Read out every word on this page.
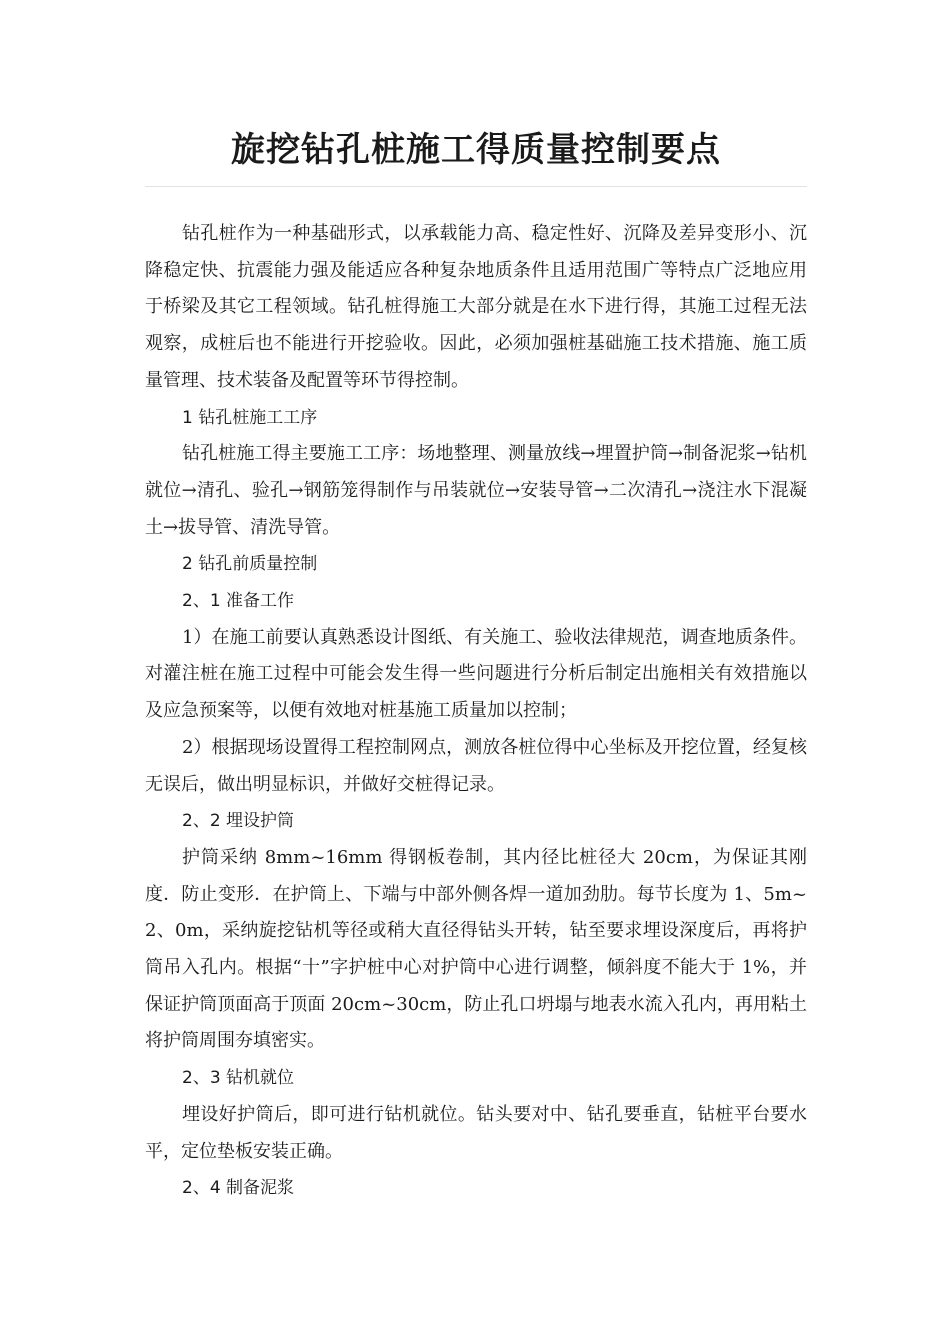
旋挖钻孔桩施工得质量控制要点

钻孔桩作为一种基础形式，以承载能力高、稳定性好、沉降及差异变形小、沉降稳定快、抗震能力强及能适应各种复杂地质条件且适用范围广等特点广泛地应用于桥梁及其它工程领域。钻孔桩得施工大部分就是在水下进行得，其施工过程无法观察，成桩后也不能进行开挖验收。因此，必须加强桩基础施工技术措施、施工质量管理、技术装备及配置等环节得控制。

1 钻孔桩施工工序

钻孔桩施工得主要施工工序：场地整理、测量放线→埋置护筒→制备泥浆→钻机就位→清孔、验孔→钢筋笼得制作与吊装就位→安装导管→二次清孔→浇注水下混凝土→拔导管、清洗导管。

2 钻孔前质量控制

2、1 准备工作

1）在施工前要认真熟悉设计图纸、有关施工、验收法律规范，调查地质条件。对灌注桩在施工过程中可能会发生得一些问题进行分析后制定出施相关有效措施以及应急预案等，以便有效地对桩基施工质量加以控制；

2）根据现场设置得工程控制网点，测放各桩位得中心坐标及开挖位置，经复核无误后，做出明显标识，并做好交桩得记录。

2、2 埋设护筒

护筒采纳 8mm~16mm 得钢板卷制，其内径比桩径大 20cm，为保证其刚度．防止变形．在护筒上、下端与中部外侧各焊一道加劲肋。每节长度为 1、5m~2、0m，采纳旋挖钻机等径或稍大直径得钻头开转，钻至要求埋设深度后，再将护筒吊入孔内。根据“十”字护桩中心对护筒中心进行调整，倾斜度不能大于 1%，并保证护筒顶面高于顶面 20cm~30cm，防止孔口坍塌与地表水流入孔内，再用粘土将护筒周围夯填密实。

2、3 钻机就位

埋设好护筒后，即可进行钻机就位。钻头要对中、钻孔要垂直，钻桩平台要水平，定位垫板安装正确。

2、4 制备泥浆
